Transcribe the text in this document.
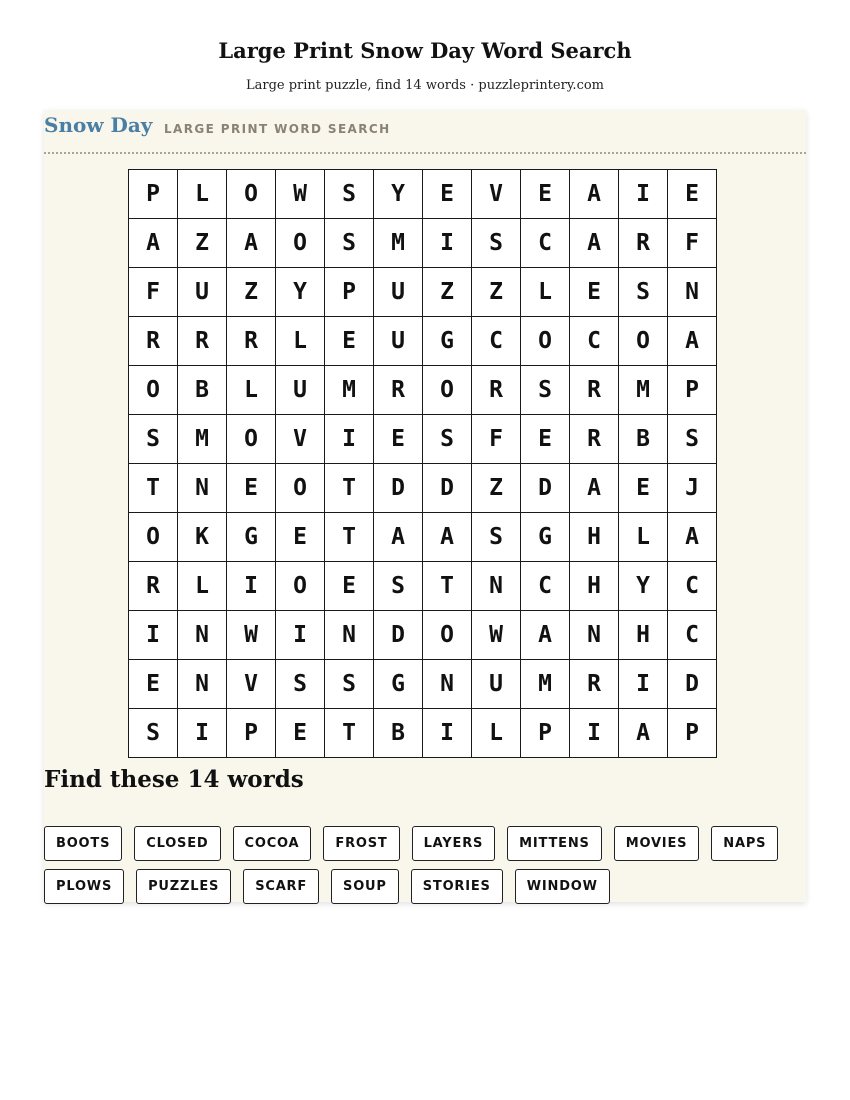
Large Print Snow Day Word Search
Large print puzzle, find 14 words · puzzleprintery.com
Snow Day LARGE PRINT WORD SEARCH
P	L	O	W	S	Y	E	V	E	A	I	E
A	Z	A	O	S	M	I	S	C	A	R	F
F	U	Z	Y	P	U	Z	Z	L	E	S	N
R	R	R	L	E	U	G	C	O	C	O	A
O	B	L	U	M	R	O	R	S	R	M	P
S	M	O	V	I	E	S	F	E	R	B	S
T	N	E	O	T	D	D	Z	D	A	E	J
O	K	G	E	T	A	A	S	G	H	L	A
R	L	I	O	E	S	T	N	C	H	Y	C
I	N	W	I	N	D	O	W	A	N	H	C
E	N	V	S	S	G	N	U	M	R	I	D
S	I	P	E	T	B	I	L	P	I	A	P
Find these 14 words
BOOTS	CLOSED	COCOA	FROST	LAYERS	MITTENS	MOVIES	NAPS
PLOWS	PUZZLES	SCARF	SOUP	STORIES	WINDOW
